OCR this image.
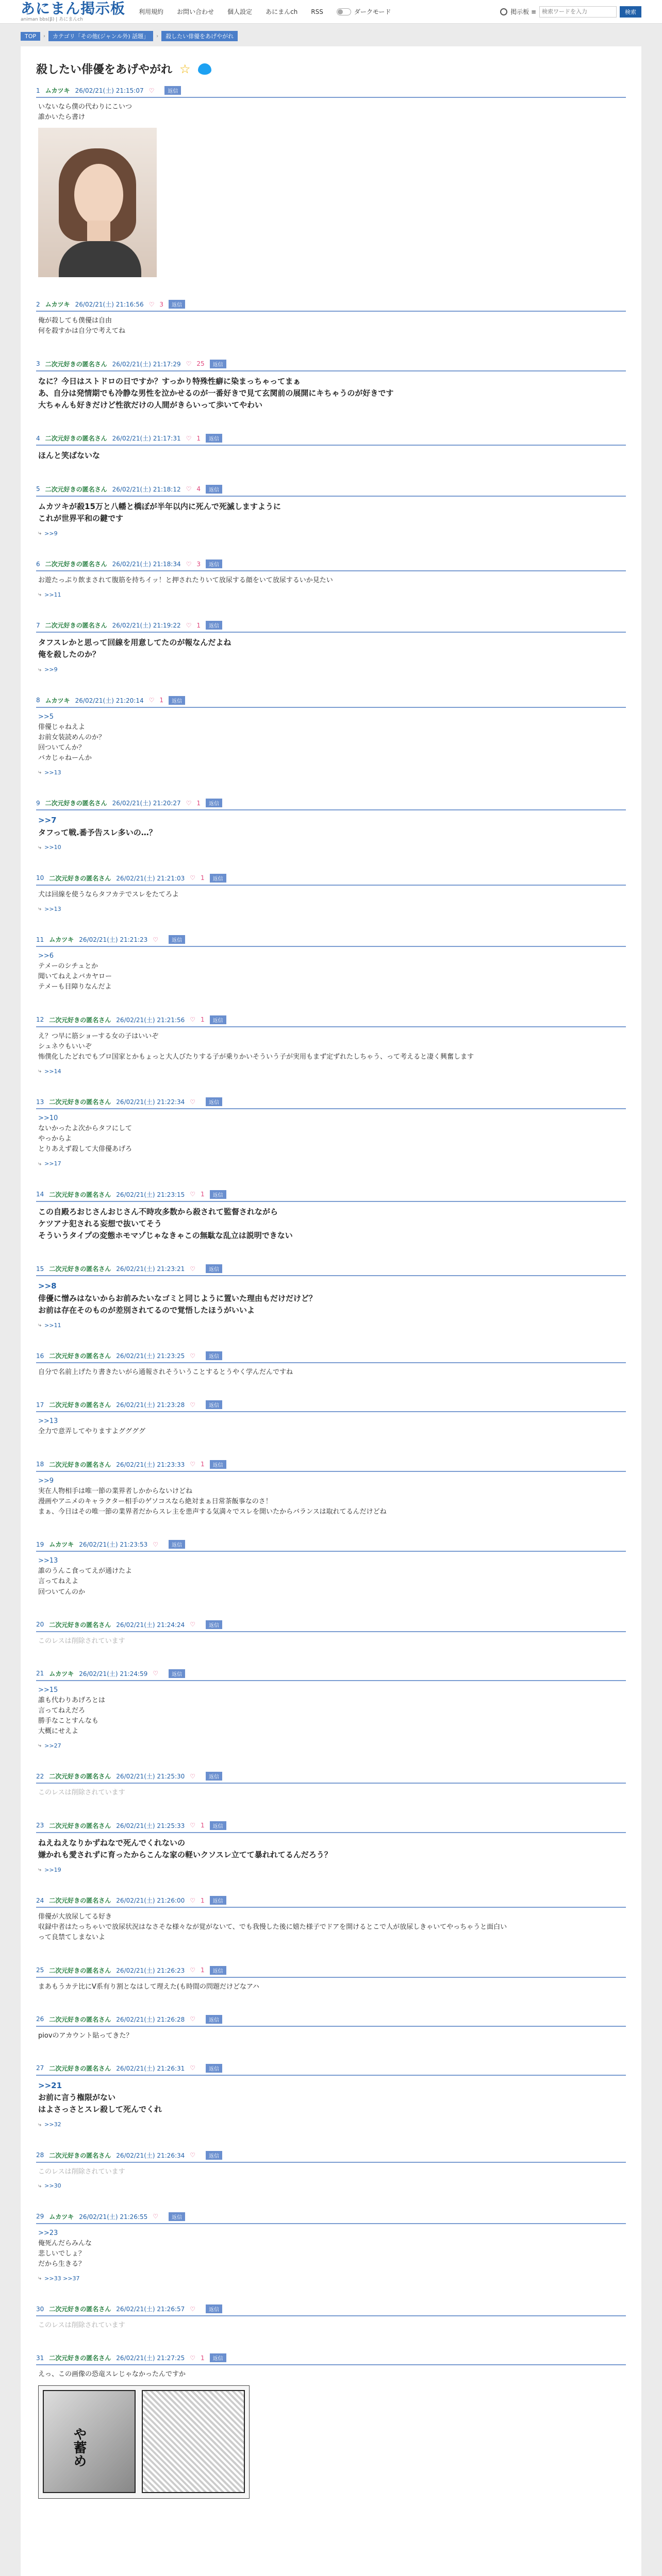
あにまん掲示板
animan bbs(β) | あにまんch
利用規約 お問い合わせ 個人設定 あにまんch RSS	ダークモード	掲示板 ≡
検索ワードを入力	検索
TOP	›	カテゴリ「その他(ジャンル外) 話題」	›	殺したい俳優をあげやがれ
殺したい俳優をあげやがれ ☆
1 ムカツキ 26/02/21(土) 21:15:07 ♡	返信
いないなら僕の代わりにこいつ
誰かいたら書け
2 ムカツキ 26/02/21(土) 21:16:56 ♡ 3	返信
俺が殺しても僕優は自由
何を殺すかは自分で考えてね
3 二次元好きの匿名さん 26/02/21(土) 21:17:29 ♡ 25	返信
なに？今日はストドロの日ですか？すっかり特殊性癖に染まっちゃってまぁ
あ、自分は発情期でも冷静な男性を泣かせるのが一番好きで見て玄関前の展開にキちゃうのが好きです
大ちゃんも好きだけど性欲だけの人間がきらいって歩いてやわい
4 二次元好きの匿名さん 26/02/21(土) 21:17:31 ♡ 1	返信
ほんと笑ばないな
5 二次元好きの匿名さん 26/02/21(土) 21:18:12 ♡ 4	返信
ムカツキが殺15万と八幡と橋ぼが半年以内に死んで死滅しますように
これが世界平和の鍵です
⤷ >>9
6 二次元好きの匿名さん 26/02/21(土) 21:18:34 ♡ 3	返信
お遊たっぷり飲まされて腹筋を持ちイッ！と押されたりいて放尿する顔をいて放尿するいか見たい
⤷ >>11
7 二次元好きの匿名さん 26/02/21(土) 21:19:22 ♡ 1	返信
タフスレかと思って回線を用意してたのが報なんだよね
俺を殺したのか？
⤷ >>9
8 ムカツキ 26/02/21(土) 21:20:14 ♡ 1	返信
>>5
俳優じゃねえよ
お前女装読めんのか？
回ついてんか？
バカじゃねーんか
⤷ >>13
9 二次元好きの匿名さん 26/02/21(土) 21:20:27 ♡ 1	返信
>>7
タフって戦.番予告スレ多いの…？
⤷ >>10
10 二次元好きの匿名さん 26/02/21(土) 21:21:03 ♡ 1	返信
犬は回線を使うならタフカテでスレをたてろよ
⤷ >>13
11 ムカツキ 26/02/21(土) 21:21:23 ♡	返信
>>6
テメーのシチュとか
聞いてねえよバカヤロー
テメーも目障りなんだよ
12 二次元好きの匿名さん 26/02/21(土) 21:21:56 ♡ 1	返信
え？つ早に筋ショーする女の子はいいぞ
シュネウもいいぞ
怖僕化したどれでもプロ国家とかもょっと大人びたりする子が乗りかいそういう子が実用もまず定ずれたしちゃう、って考えると凄く興奮します
⤷ >>14
13 二次元好きの匿名さん 26/02/21(土) 21:22:34 ♡	返信
>>10
ないかったよ次からタフにして
やっからよ
とりあえず殺して大俳優あげろ
⤷ >>17
14 二次元好きの匿名さん 26/02/21(土) 21:23:15 ♡ 1	返信
この自殿ろおじさんおじさん不時攻多数から殺されて監督されながら
ケツアナ犯される妄想で抜いてそう
そういうタイプの変態ホモマゾじゃなきゃこの無駄な乱立は説明できない
15 二次元好きの匿名さん 26/02/21(土) 21:23:21 ♡	返信
>>8
俳優に憎みはないからお前みたいなゴミと同じように置いた理由もだけだけど？
お前は存在そのものが差別されてるので覚悟したほうがいいよ
⤷ >>11
16 二次元好きの匿名さん 26/02/21(土) 21:23:25 ♡	返信
自分で名前上げたり書きたいがら通報されそういうことするとうやく学んだんですね
17 二次元好きの匿名さん 26/02/21(土) 21:23:28 ♡	返信
>>13
全力で意弄してやりますよググググ
18 二次元好きの匿名さん 26/02/21(土) 21:23:33 ♡ 1	返信
>>9
実在人物相手は唯一節の業界者しかからないけどね
漫画やアニメのキャラクター相手のゲソコスなら絶対まぁ日常茶飯事なのさ！
まぁ、今日はその唯一節の業界者だからスレ主を患声する気満々でスレを開いたからバランスは取れてるんだけどね
19 ムカツキ 26/02/21(土) 21:23:53 ♡	返信
>>13
誰のうんこ食ってえが通けたよ
言ってねえよ
回ついてんのか
20 二次元好きの匿名さん 26/02/21(土) 21:24:24 ♡	返信
このレスは削除されています
21 ムカツキ 26/02/21(土) 21:24:59 ♡	返信
>>15
誰も代わりあげろとは
言ってねえだろ
勝手なことすんなも
大概にせえよ
⤷ >>27
22 二次元好きの匿名さん 26/02/21(土) 21:25:30 ♡	返信
このレスは削除されています
23 二次元好きの匿名さん 26/02/21(土) 21:25:33 ♡ 1	返信
ねえねえなりかずねなで死んでくれないの
嫌かれも愛されずに育ったからこんな家の軽いクソスレ立てて暴れれてるんだろう？
⤷ >>19
24 二次元好きの匿名さん 26/02/21(土) 21:26:00 ♡ 1	返信
俳優が大放尿してる好き
収録中者はたっちゃいで放尿状況はなさそな様々なが覚がないて、でも我慢した後に嬉た様子でドアを開けるとこで人が放尿しきゃいてやっちゃうと面白い
って良禁てしまないよ
25 二次元好きの匿名さん 26/02/21(土) 21:26:23 ♡ 1	返信
まあもうカテ比にV系有り割となはして理えた(も時間の問題だけどなアハ
26 二次元好きの匿名さん 26/02/21(土) 21:26:28 ♡	返信
piovのアカウント貼ってきた？
27 二次元好きの匿名さん 26/02/21(土) 21:26:31 ♡	返信
>>21
お前に言う権限がない
はよさっさとスレ殺して死んでくれ
⤷ >>32
28 二次元好きの匿名さん 26/02/21(土) 21:26:34 ♡	返信
このレスは削除されています
⤷ >>30
29 ムカツキ 26/02/21(土) 21:26:55 ♡	返信
>>23
俺死んだらみんな
悲しいでしょ？
だから生きる？
⤷ >>33 >>37
30 二次元好きの匿名さん 26/02/21(土) 21:26:57 ♡	返信
このレスは削除されています
31 二次元好きの匿名さん 26/02/21(土) 21:27:25 ♡ 1	返信
えっ、この画像の恐竜スレじゃなかったんですか
や蓄め
